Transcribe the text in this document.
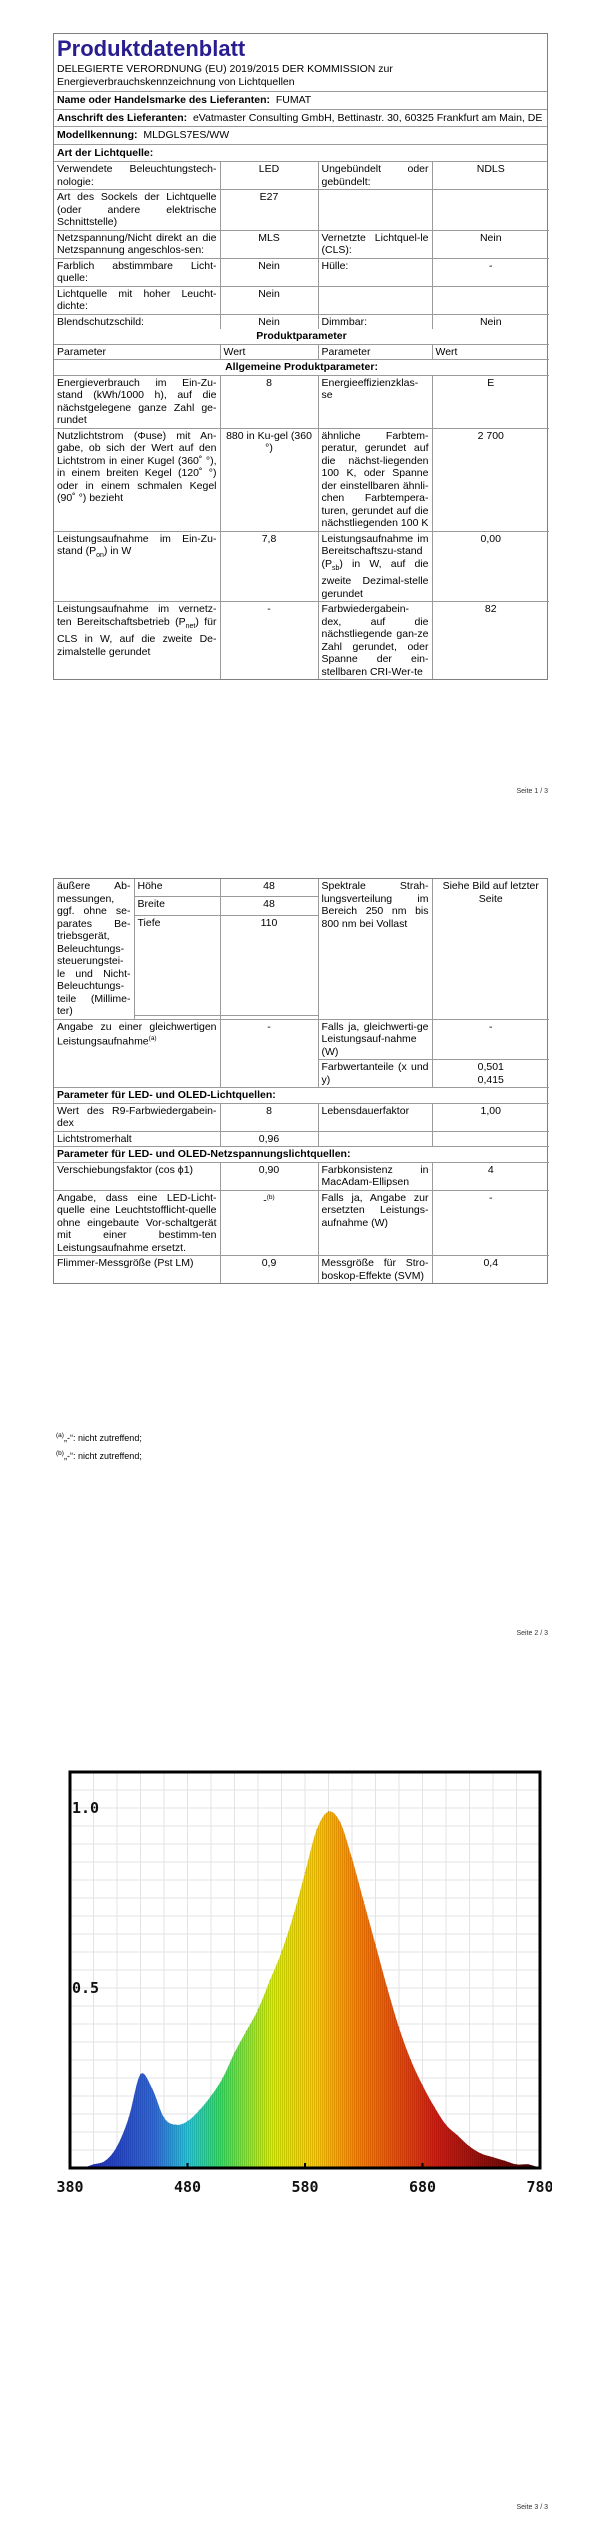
Produktdatenblatt
DELEGIERTE VERORDNUNG (EU) 2019/2015 DER KOMMISSION zur Energieverbrauchskennzeichnung von Lichtquellen
Name oder Handelsmarke des Lieferanten: FUMAT
Anschrift des Lieferanten: eVatmaster Consulting GmbH, Bettinastr. 30, 60325 Frankfurt am Main, DE
Modellkennung: MLDGLS7ES/WW
Art der Lichtquelle:
Verwendete Beleuchtungstech-nologie:	LED	Ungebündelt oder gebündelt:	NDLS
Art des Sockels der Lichtquelle (oder andere elektrische Schnittstelle)	E27		
Netzspannung/Nicht direkt an die Netzspannung angeschlos-sen:	MLS	Vernetzte Lichtquel-le (CLS):	Nein
Farblich abstimmbare Licht-quelle:	Nein	Hülle:	-
Lichtquelle mit hoher Leucht-dichte:	Nein		
Blendschutzschild:	Nein	Dimmbar:	Nein
Produktparameter			
Parameter	Wert	Parameter	Wert
Allgemeine Produktparameter:			
Energieverbrauch im Ein-Zu-stand (kWh/1000 h), auf die nächstgelegene ganze Zahl ge-rundet	8	Energieeffizienzklas-se	E
Nutzlichtstrom (Φuse) mit An-gabe, ob sich der Wert auf den Lichtstrom in einer Kugel (360˚ °), in einem breiten Kegel (120˚ °) oder in einem schmalen Kegel (90˚ °) bezieht	880 in Ku-gel (360 °)	ähnliche Farbtem-peratur, gerundet auf die nächst-liegenden 100 K, oder Spanne der einstellbaren ähnli-chen Farbtempera-turen, gerundet auf die nächstliegenden 100 K	2 700
Leistungsaufnahme im Ein-Zu-stand $(P_{on})$ in W	7,8	Leistungsaufnahme im Bereitschaftszu-stand $(P_{sb})$ in W, auf die zweite Dezimal-stelle gerundet	0,00
Leistungsaufnahme im vernetz-ten Bereitschaftsbetrieb $(P_{net})$ für CLS in W, auf die zweite De-zimalstelle gerundet	-	Farbwiedergabein-dex, auf die nächstliegende gan-ze Zahl gerundet, oder Spanne der ein-stellbaren CRI-Wer-te	82
Seite 1 / 3
äußere Ab-messungen, ggf. ohne se-parates Be-triebsgerät, Beleuchtungs-steuerungstei-le und Nicht-Beleuchtungs-teile (Millime-ter)	Höhe	48	Spektrale Strah-lungsverteilung im Bereich 250 nm bis 800 nm bei Vollast	Siehe Bild auf letzter Seite
	Breite	48		
	Tiefe	110		

Angabe zu einer gleichwertigen Leistungsaufnahme$^{(a)}$		-	Falls ja, gleichwerti-ge Leistungsauf-nahme (W)	-
			Farbwertanteile (x und y)	0,501
0,415

Parameter für LED- und OLED-Lichtquellen:				
Wert des R9-Farbwiedergabein-dex		8	Lebensdauerfaktor	1,00
Lichtstromerhalt		0,96		
Parameter für LED- und OLED-Netzspannungslichtquellen:				
Verschiebungsfaktor (cos ϕ1)		0,90	Farbkonsistenz in MacAdam-Ellipsen	4
Angabe, dass eine LED-Licht-quelle eine Leuchtstofflicht-quelle ohne eingebaute Vor-schaltgerät mit einer bestimm-ten Leistungsaufnahme ersetzt.		-$^{(b)}$	Falls ja, Angabe zur ersetzten Leistungs-aufnahme (W)	-
Flimmer-Messgröße (Pst LM)		0,9	Messgröße für Stro-boskop-Effekte (SVM)	0,4
$^{(a)}$„-“: nicht zutreffend;
$^{(b)}$„-“: nicht zutreffend;
Seite 2 / 3
380	480	580	680	780
0.5
1.0
Seite 3 / 3
